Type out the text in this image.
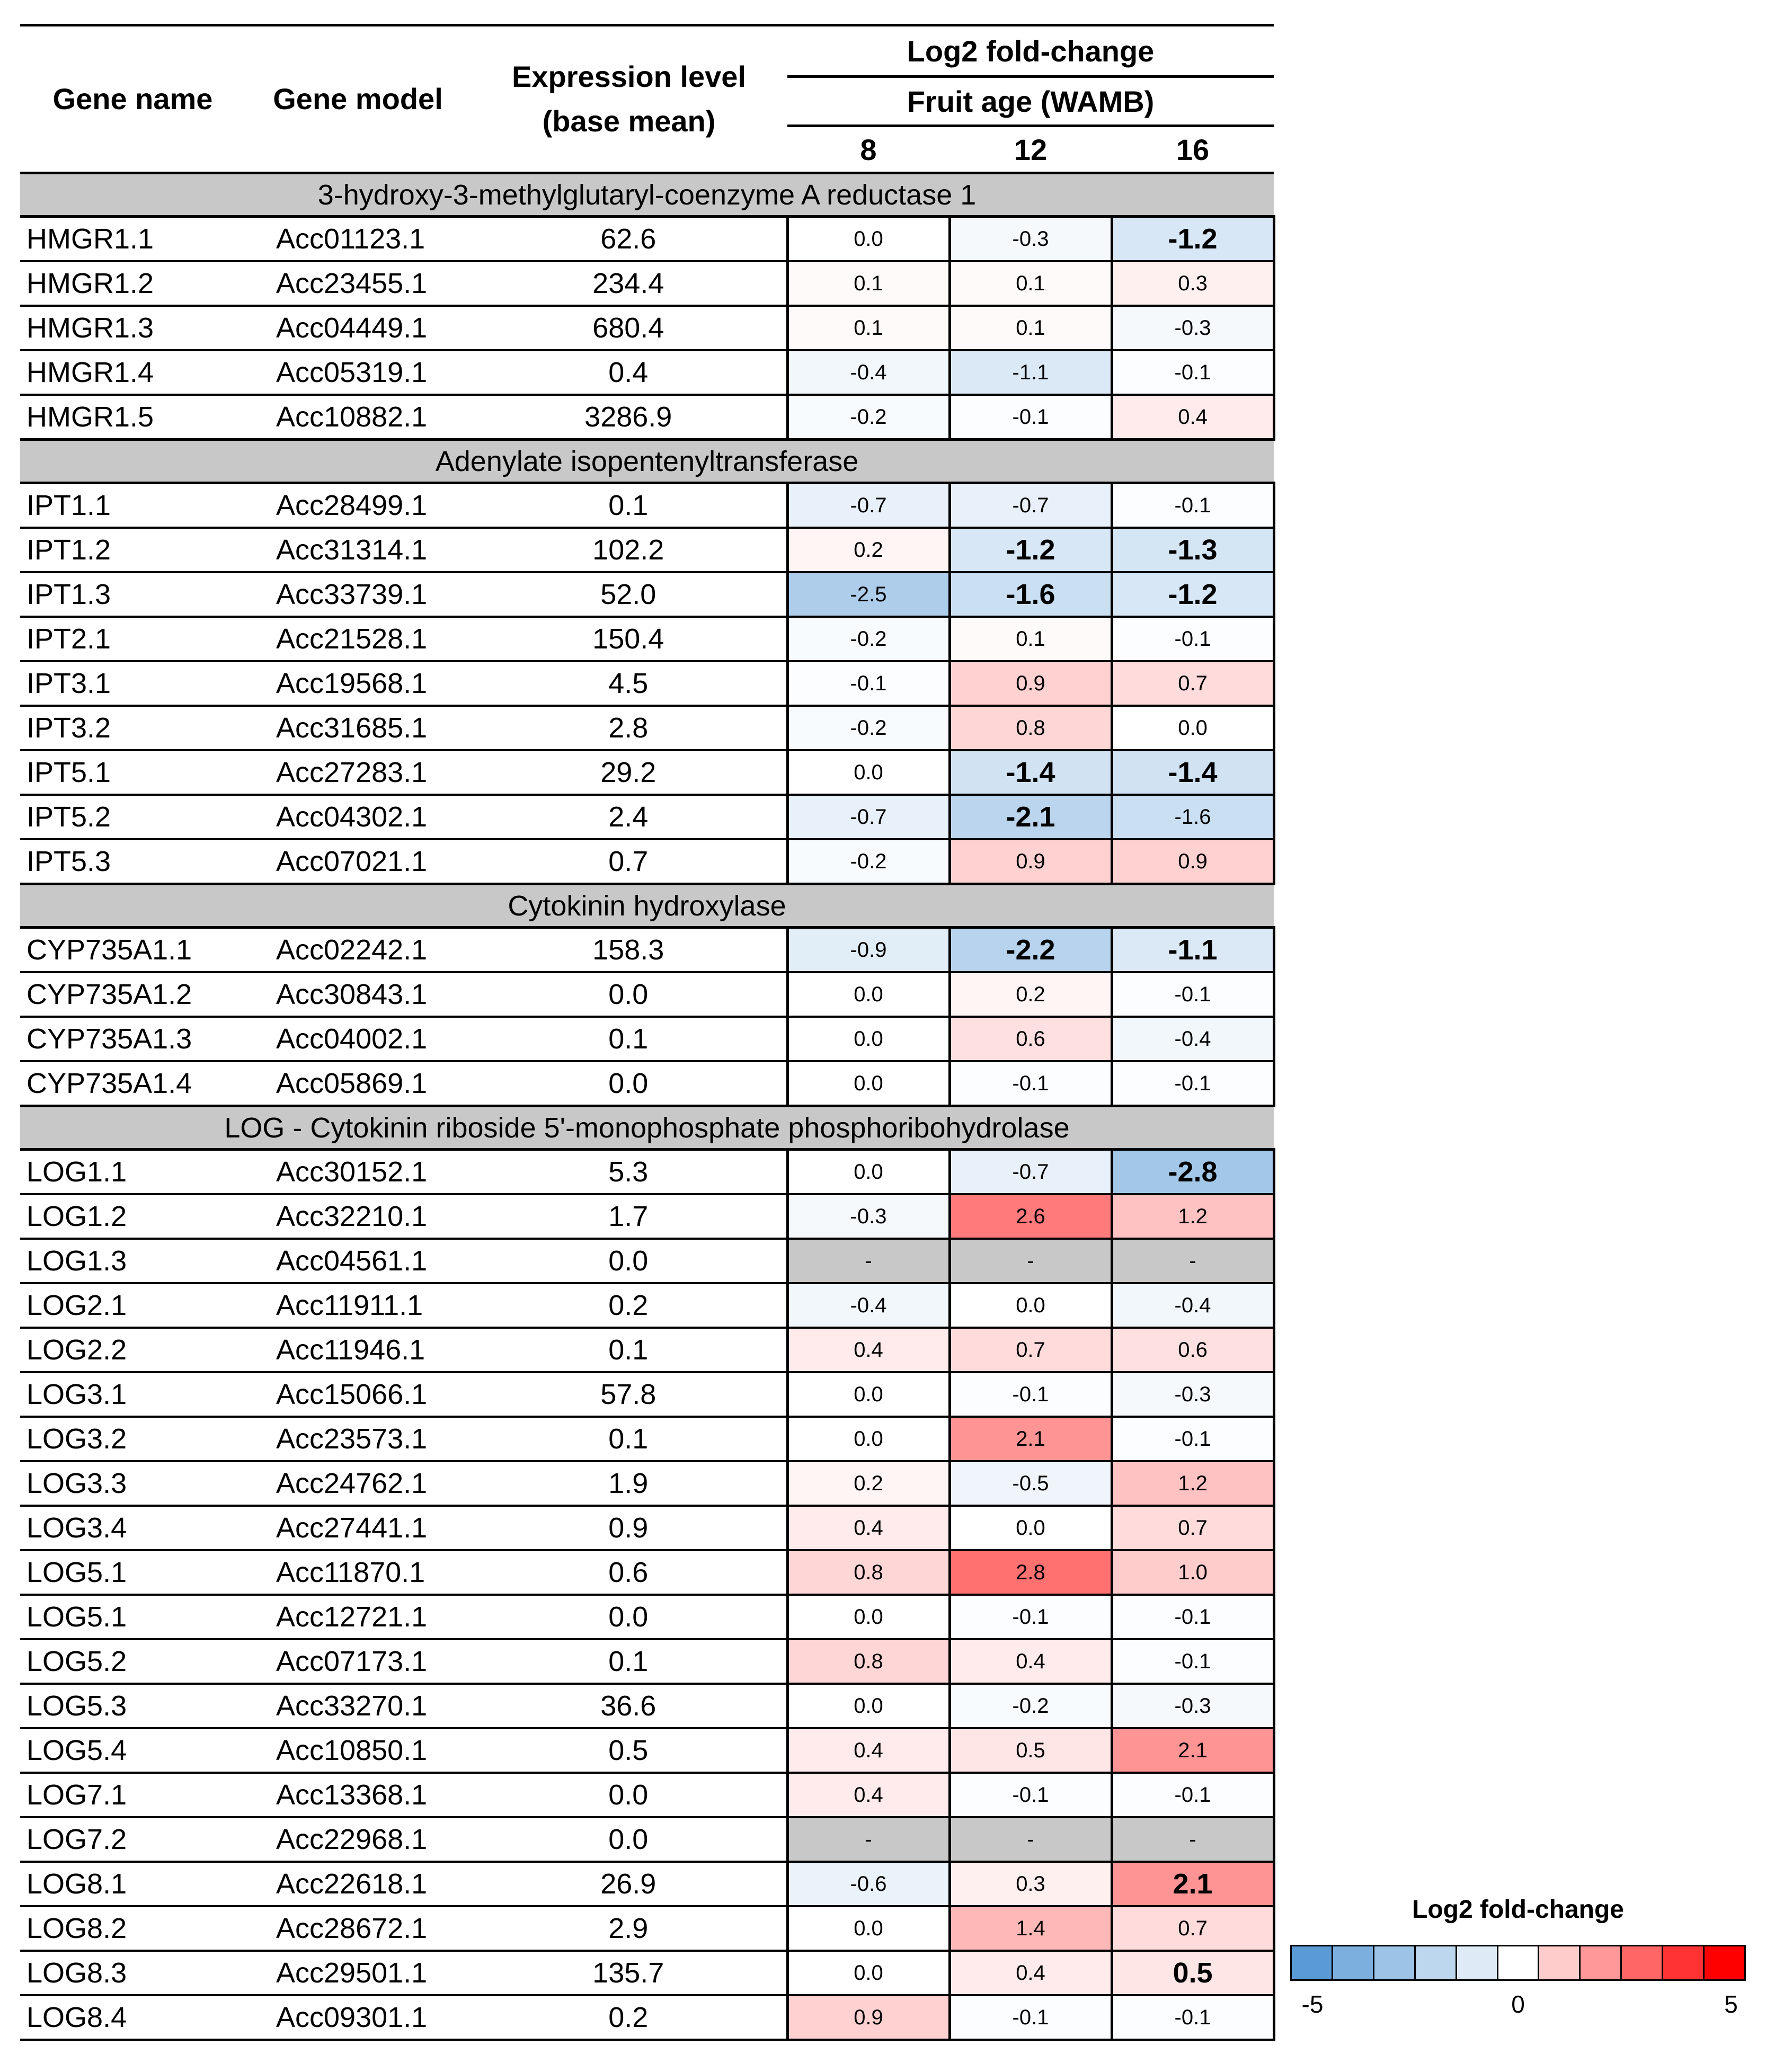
Gene name	Gene model	Expression level
(base mean)	Log2 fold-change		
			Fruit age (WAMB)		
			8	12	16
3-hydroxy-3-methylglutaryl-coenzyme A reductase 1					
HMGR1.1	Acc01123.1	62.6	0.0	-0.3	-1.2
HMGR1.2	Acc23455.1	234.4	0.1	0.1	0.3
HMGR1.3	Acc04449.1	680.4	0.1	0.1	-0.3
HMGR1.4	Acc05319.1	0.4	-0.4	-1.1	-0.1
HMGR1.5	Acc10882.1	3286.9	-0.2	-0.1	0.4
Adenylate isopentenyltransferase					
IPT1.1	Acc28499.1	0.1	-0.7	-0.7	-0.1
IPT1.2	Acc31314.1	102.2	0.2	-1.2	-1.3
IPT1.3	Acc33739.1	52.0	-2.5	-1.6	-1.2
IPT2.1	Acc21528.1	150.4	-0.2	0.1	-0.1
IPT3.1	Acc19568.1	4.5	-0.1	0.9	0.7
IPT3.2	Acc31685.1	2.8	-0.2	0.8	0.0
IPT5.1	Acc27283.1	29.2	0.0	-1.4	-1.4
IPT5.2	Acc04302.1	2.4	-0.7	-2.1	-1.6
IPT5.3	Acc07021.1	0.7	-0.2	0.9	0.9
Cytokinin hydroxylase					
CYP735A1.1	Acc02242.1	158.3	-0.9	-2.2	-1.1
CYP735A1.2	Acc30843.1	0.0	0.0	0.2	-0.1
CYP735A1.3	Acc04002.1	0.1	0.0	0.6	-0.4
CYP735A1.4	Acc05869.1	0.0	0.0	-0.1	-0.1
LOG - Cytokinin riboside 5'-monophosphate phosphoribohydrolase					
LOG1.1	Acc30152.1	5.3	0.0	-0.7	-2.8
LOG1.2	Acc32210.1	1.7	-0.3	2.6	1.2
LOG1.3	Acc04561.1	0.0	-	-	-
LOG2.1	Acc11911.1	0.2	-0.4	0.0	-0.4
LOG2.2	Acc11946.1	0.1	0.4	0.7	0.6
LOG3.1	Acc15066.1	57.8	0.0	-0.1	-0.3
LOG3.2	Acc23573.1	0.1	0.0	2.1	-0.1
LOG3.3	Acc24762.1	1.9	0.2	-0.5	1.2
LOG3.4	Acc27441.1	0.9	0.4	0.0	0.7
LOG5.1	Acc11870.1	0.6	0.8	2.8	1.0
LOG5.1	Acc12721.1	0.0	0.0	-0.1	-0.1
LOG5.2	Acc07173.1	0.1	0.8	0.4	-0.1
LOG5.3	Acc33270.1	36.6	0.0	-0.2	-0.3
LOG5.4	Acc10850.1	0.5	0.4	0.5	2.1
LOG7.1	Acc13368.1	0.0	0.4	-0.1	-0.1
LOG7.2	Acc22968.1	0.0	-	-	-
LOG8.1	Acc22618.1	26.9	-0.6	0.3	2.1
LOG8.2	Acc28672.1	2.9	0.0	1.4	0.7
LOG8.3	Acc29501.1	135.7	0.0	0.4	0.5
LOG8.4	Acc09301.1	0.2	0.9	-0.1	-0.1
Log2 fold-change
-5	0	5
